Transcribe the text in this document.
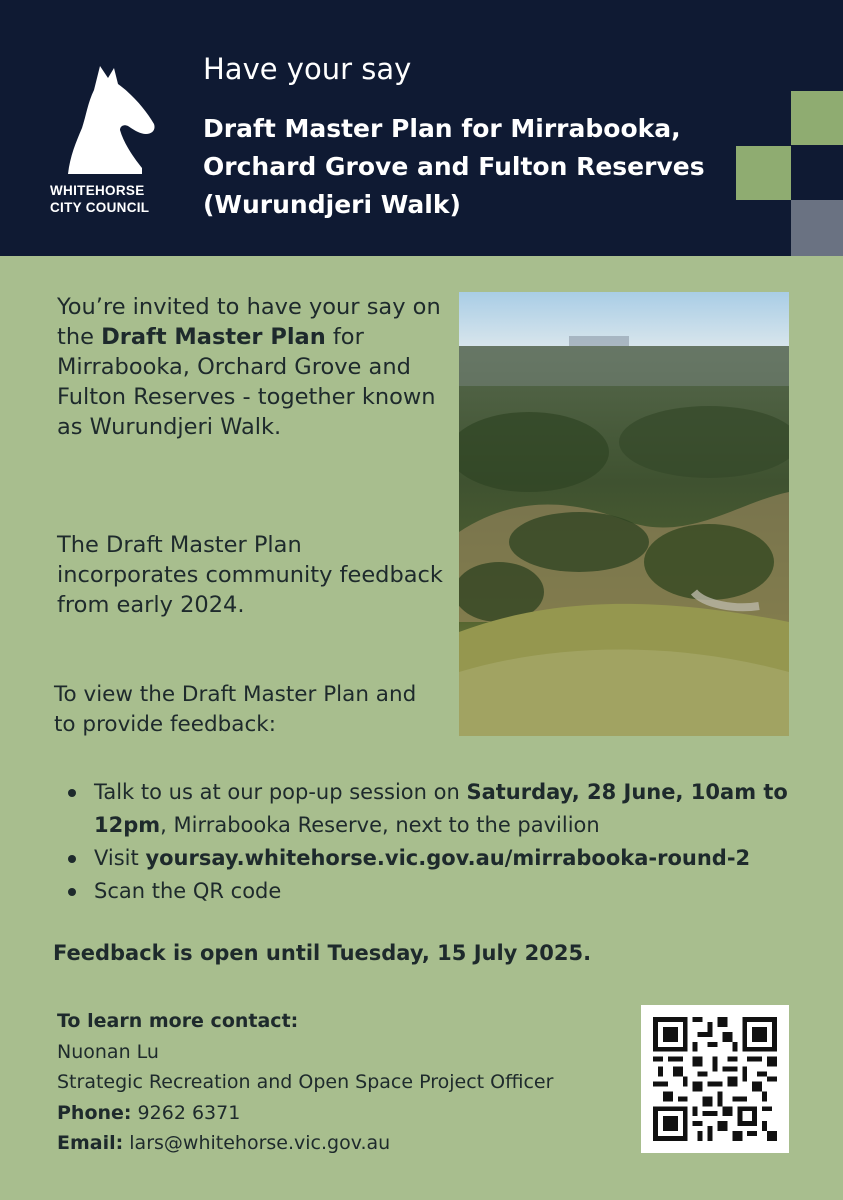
WHITEHORSE
CITY COUNCIL
Have your say
Draft Master Plan for Mirrabooka,
Orchard Grove and Fulton Reserves
(Wurundjeri Walk)

You’re invited to have your say on the Draft Master Plan for Mirrabooka, Orchard Grove and Fulton Reserves - together known as Wurundjeri Walk.

The Draft Master Plan incorporates community feedback from early 2024.

To view the Draft Master Plan and to provide feedback:

Talk to us at our pop-up session on Saturday, 28 June, 10am to 12pm, Mirrabooka Reserve, next to the pavilion
Visit yoursay.whitehorse.vic.gov.au/mirrabooka-round-2
Scan the QR code

Feedback is open until Tuesday, 15 July 2025.

To learn more contact:
Nuonan Lu
Strategic Recreation and Open Space Project Officer
Phone: 9262 6371
Email: lars@whitehorse.vic.gov.au
